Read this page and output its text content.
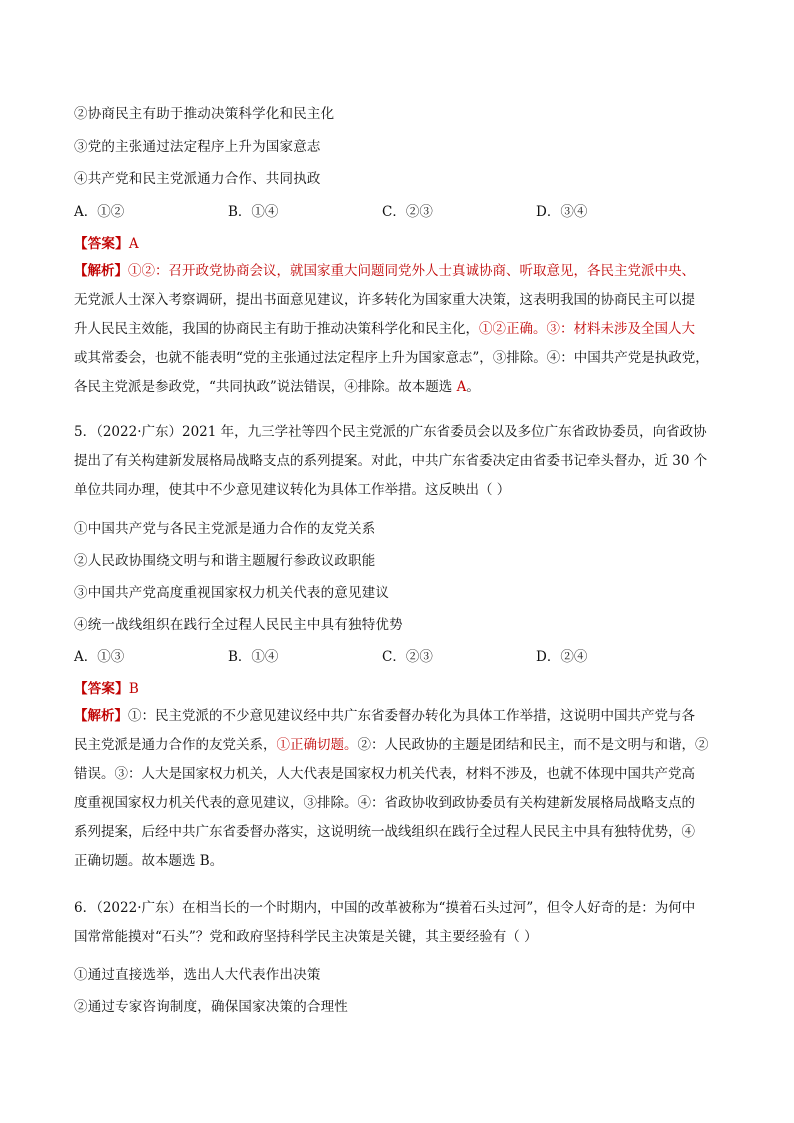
②协商民主有助于推动决策科学化和民主化
③党的主张通过法定程序上升为国家意志
④共产党和民主党派通力合作、共同执政
A．①②	B．①④	C．②③	D．③④
【答案】A
【解析】①②：召开政党协商会议，就国家重大问题同党外人士真诚协商、听取意见，各民主党派中央、
无党派人士深入考察调研，提出书面意见建议，许多转化为国家重大决策，这表明我国的协商民主可以提
升人民民主效能，我国的协商民主有助于推动决策科学化和民主化，①②正确。③：材料未涉及全国人大
或其常委会，也就不能表明“党的主张通过法定程序上升为国家意志”，③排除。④：中国共产党是执政党，
各民主党派是参政党，“共同执政”说法错误，④排除。故本题选 A。
5．（2022·广东）2021 年，九三学社等四个民主党派的广东省委员会以及多位广东省政协委员，向省政协
提出了有关构建新发展格局战略支点的系列提案。对此，中共广东省委决定由省委书记牵头督办，近 30 个
单位共同办理，使其中不少意见建议转化为具体工作举措。这反映出（ ）
①中国共产党与各民主党派是通力合作的友党关系
②人民政协围绕文明与和谐主题履行参政议政职能
③中国共产党高度重视国家权力机关代表的意见建议
④统一战线组织在践行全过程人民民主中具有独特优势
A．①③	B．①④	C．②③	D．②④
【答案】B
【解析】①：民主党派的不少意见建议经中共广东省委督办转化为具体工作举措，这说明中国共产党与各
民主党派是通力合作的友党关系，①正确切题。②：人民政协的主题是团结和民主，而不是文明与和谐，②
错误。③：人大是国家权力机关，人大代表是国家权力机关代表，材料不涉及，也就不体现中国共产党高
度重视国家权力机关代表的意见建议，③排除。④：省政协收到政协委员有关构建新发展格局战略支点的
系列提案，后经中共广东省委督办落实，这说明统一战线组织在践行全过程人民民主中具有独特优势，④
正确切题。故本题选 B。
6．（2022·广东）在相当长的一个时期内，中国的改革被称为“摸着石头过河”，但令人好奇的是：为何中
国常常能摸对“石头”？党和政府坚持科学民主决策是关键，其主要经验有（ ）
①通过直接选举，选出人大代表作出决策
②通过专家咨询制度，确保国家决策的合理性
